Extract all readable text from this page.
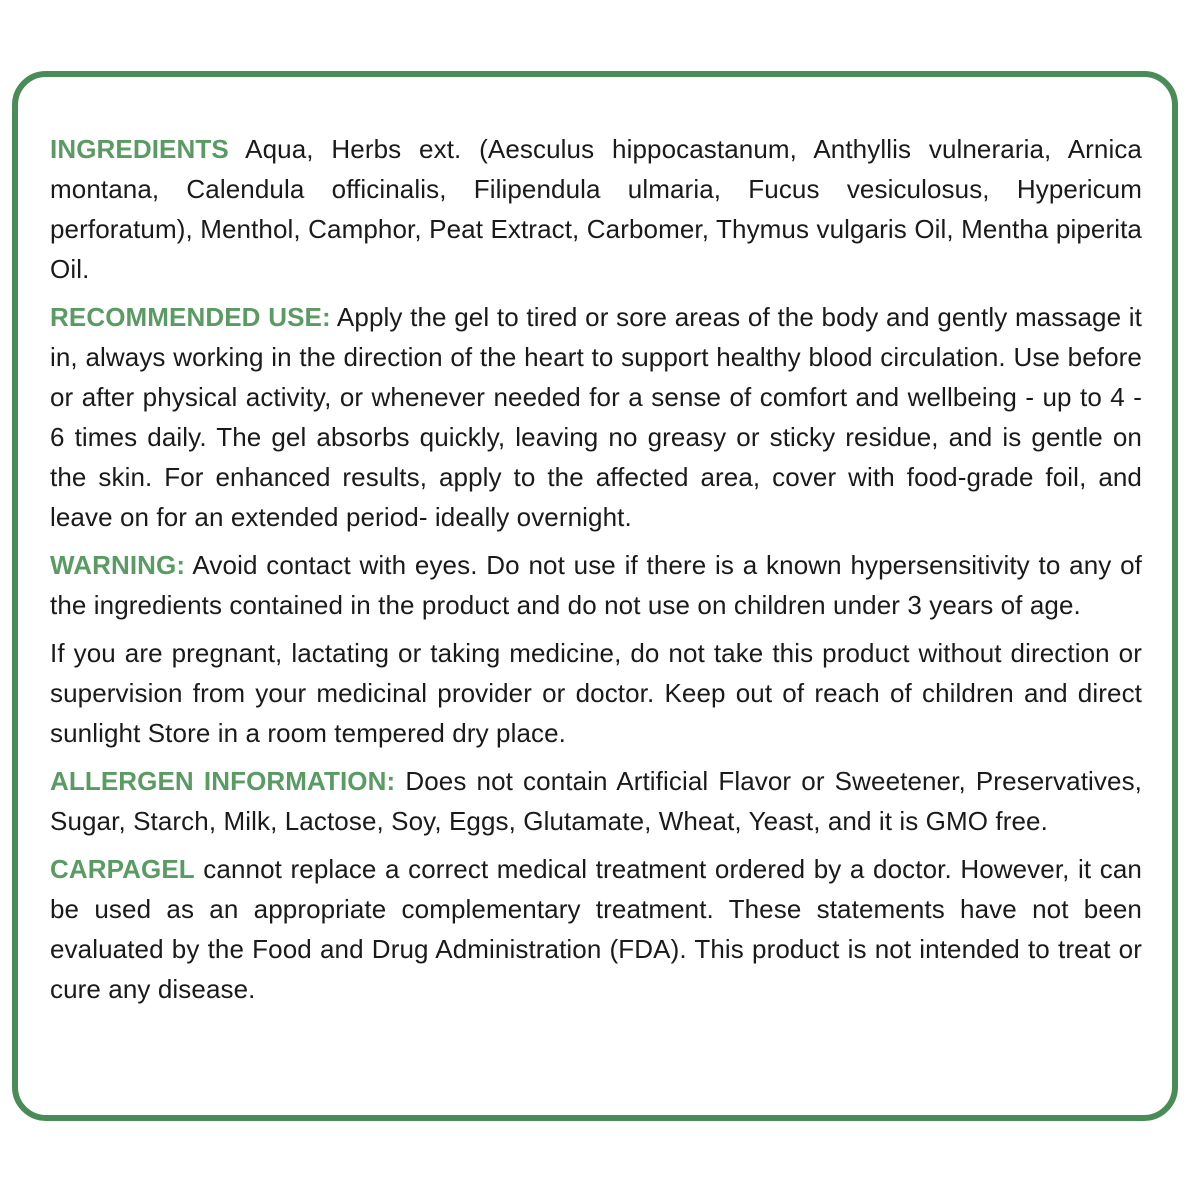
INGREDIENTS Aqua, Herbs ext. (Aesculus hippocastanum, Anthyllis vulneraria, Arnica montana, Calendula officinalis, Filipendula ulmaria, Fucus vesiculosus, Hypericum perforatum), Menthol, Camphor, Peat Extract, Carbomer, Thymus vulgaris Oil, Mentha piperita Oil.

RECOMMENDED USE: Apply the gel to tired or sore areas of the body and gently massage it in, always working in the direction of the heart to support healthy blood circulation. Use before or after physical activity, or whenever needed for a sense of comfort and wellbeing - up to 4 - 6 times daily. The gel absorbs quickly, leaving no greasy or sticky residue, and is gentle on the skin. For enhanced results, apply to the affected area, cover with food-grade foil, and leave on for an extended period- ideally overnight.

WARNING: Avoid contact with eyes. Do not use if there is a known hypersensitivity to any of the ingredients contained in the product and do not use on children under 3 years of age.

If you are pregnant, lactating or taking medicine, do not take this product without direction or supervision from your medicinal provider or doctor. Keep out of reach of children and direct sunlight Store in a room tempered dry place.

ALLERGEN INFORMATION: Does not contain Artificial Flavor or Sweetener, Preservatives, Sugar, Starch, Milk, Lactose, Soy, Eggs, Glutamate, Wheat, Yeast, and it is GMO free.

CARPAGEL cannot replace a correct medical treatment ordered by a doctor. However, it can be used as an appropriate complementary treatment. These statements have not been evaluated by the Food and Drug Administration (FDA). This product is not intended to treat or cure any disease.
